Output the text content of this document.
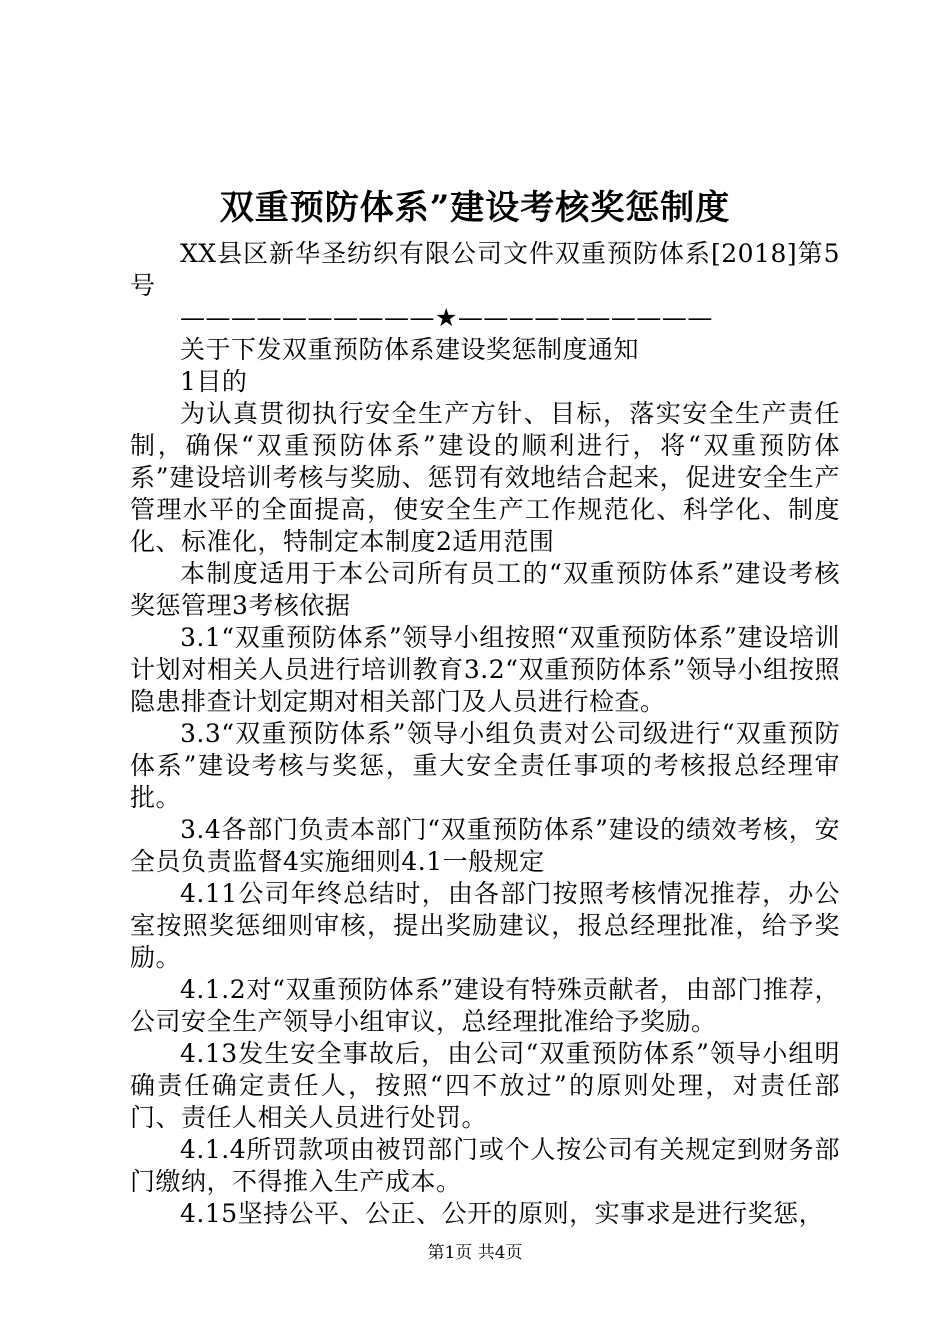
双重预防体系”建设考核奖惩制度

XX县区新华圣纺织有限公司文件双重预防体系[2018]第5号

——————————★——————————

关于下发双重预防体系建设奖惩制度通知

1目的

为认真贯彻执行安全生产方针、目标，落实安全生产责任制，确保“双重预防体系”建设的顺利进行，将“双重预防体系”建设培训考核与奖励、惩罚有效地结合起来，促进安全生产管理水平的全面提高，使安全生产工作规范化、科学化、制度化、标准化，特制定本制度2适用范围

本制度适用于本公司所有员工的“双重预防体系”建设考核奖惩管理3考核依据

3.1“双重预防体系”领导小组按照“双重预防体系”建设培训计划对相关人员进行培训教育3.2“双重预防体系”领导小组按照隐患排查计划定期对相关部门及人员进行检查。

3.3“双重预防体系”领导小组负责对公司级进行“双重预防体系”建设考核与奖惩，重大安全责任事项的考核报总经理审批。

3.4各部门负责本部门“双重预防体系”建设的绩效考核，安全员负责监督4实施细则4.1一般规定

4.11公司年终总结时，由各部门按照考核情况推荐，办公室按照奖惩细则审核，提出奖励建议，报总经理批准，给予奖励。

4.1.2对“双重预防体系”建设有特殊贡献者，由部门推荐，公司安全生产领导小组审议，总经理批准给予奖励。

4.13发生安全事故后，由公司“双重预防体系”领导小组明确责任确定责任人，按照“四不放过”的原则处理，对责任部门、责任人相关人员进行处罚。

4.1.4所罚款项由被罚部门或个人按公司有关规定到财务部门缴纳，不得推入生产成本。

4.15坚持公平、公正、公开的原则，实事求是进行奖惩，

第1页 共4页
